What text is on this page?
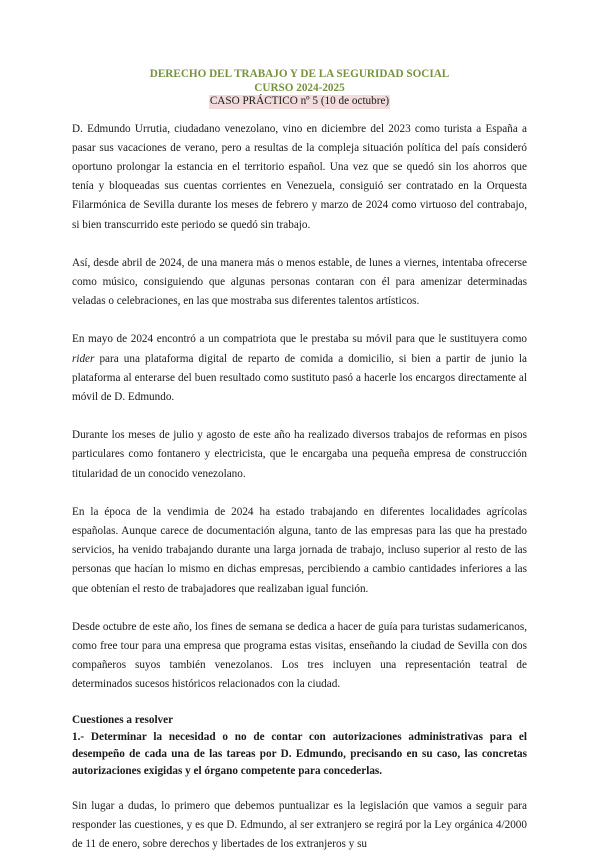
DERECHO DEL TRABAJO Y DE LA SEGURIDAD SOCIAL
CURSO 2024-2025
CASO PRÁCTICO nº 5 (10 de octubre)

D. Edmundo Urrutia, ciudadano venezolano, vino en diciembre del 2023 como turista a España a pasar sus vacaciones de verano, pero a resultas de la compleja situación política del país consideró oportuno prolongar la estancia en el territorio español. Una vez que se quedó sin los ahorros que tenía y bloqueadas sus cuentas corrientes en Venezuela, consiguió ser contratado en la Orquesta Filarmónica de Sevilla durante los meses de febrero y marzo de 2024 como virtuoso del contrabajo, si bien transcurrido este periodo se quedó sin trabajo.

Así, desde abril de 2024, de una manera más o menos estable, de lunes a viernes, intentaba ofrecerse como músico, consiguiendo que algunas personas contaran con él para amenizar determinadas veladas o celebraciones, en las que mostraba sus diferentes talentos artísticos.

En mayo de 2024 encontró a un compatriota que le prestaba su móvil para que le sustituyera como rider para una plataforma digital de reparto de comida a domicilio, si bien a partir de junio la plataforma al enterarse del buen resultado como sustituto pasó a hacerle los encargos directamente al móvil de D. Edmundo.

Durante los meses de julio y agosto de este año ha realizado diversos trabajos de reformas en pisos particulares como fontanero y electricista, que le encargaba una pequeña empresa de construcción titularidad de un conocido venezolano.

En la época de la vendimia de 2024 ha estado trabajando en diferentes localidades agrícolas españolas. Aunque carece de documentación alguna, tanto de las empresas para las que ha prestado servicios, ha venido trabajando durante una larga jornada de trabajo, incluso superior al resto de las personas que hacían lo mismo en dichas empresas, percibiendo a cambio cantidades inferiores a las que obtenían el resto de trabajadores que realizaban igual función.

Desde octubre de este año, los fines de semana se dedica a hacer de guía para turistas sudamericanos, como free tour para una empresa que programa estas visitas, enseñando la ciudad de Sevilla con dos compañeros suyos también venezolanos. Los tres incluyen una representación teatral de determinados sucesos históricos relacionados con la ciudad.

Cuestiones a resolver

1.- Determinar la necesidad o no de contar con autorizaciones administrativas para el desempeño de cada una de las tareas por D. Edmundo, precisando en su caso, las concretas autorizaciones exigidas y el órgano competente para concederlas.

Sin lugar a dudas, lo primero que debemos puntualizar es la legislación que vamos a seguir para responder las cuestiones, y es que D. Edmundo, al ser extranjero se regirá por la Ley orgánica 4/2000 de 11 de enero, sobre derechos y libertades de los extranjeros y su
